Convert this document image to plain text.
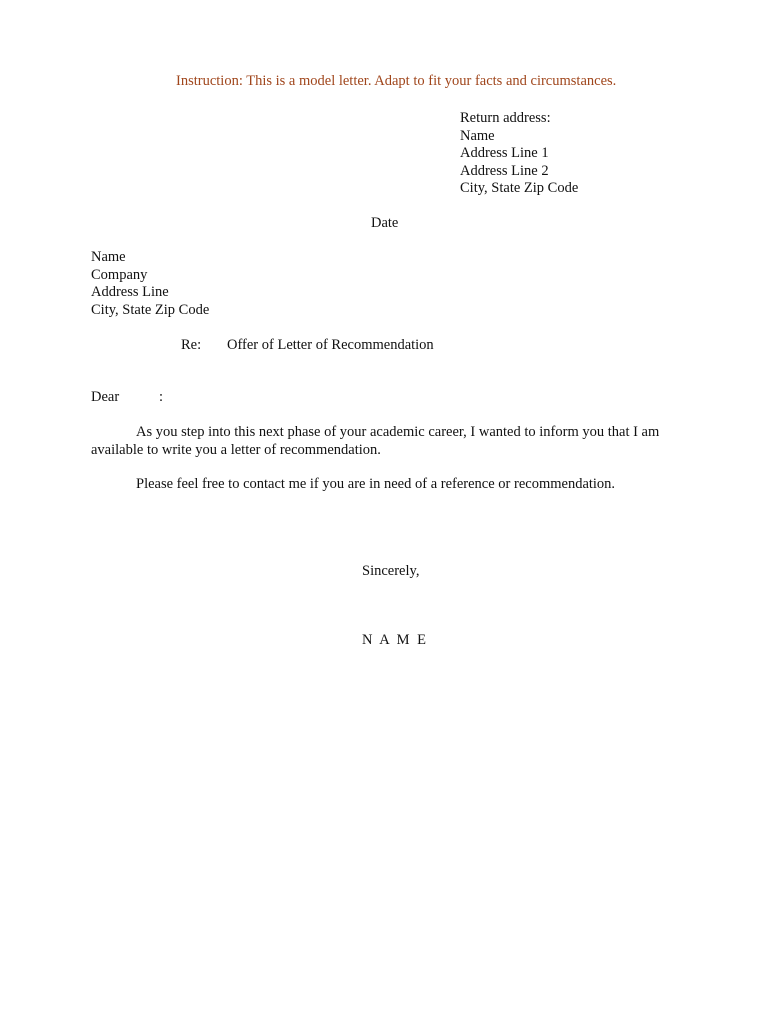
Instruction: This is a model letter. Adapt to fit your facts and circumstances.
Return address:
Name
Address Line 1
Address Line 2
City, State Zip Code
Date
Name
Company
Address Line
City, State Zip Code
Re: Offer of Letter of Recommendation
Dear	:
As you step into this next phase of your academic career, I wanted to inform you that I am
available to write you a letter of recommendation.
Please feel free to contact me if you are in need of a reference or recommendation.
Sincerely,
N A M E
